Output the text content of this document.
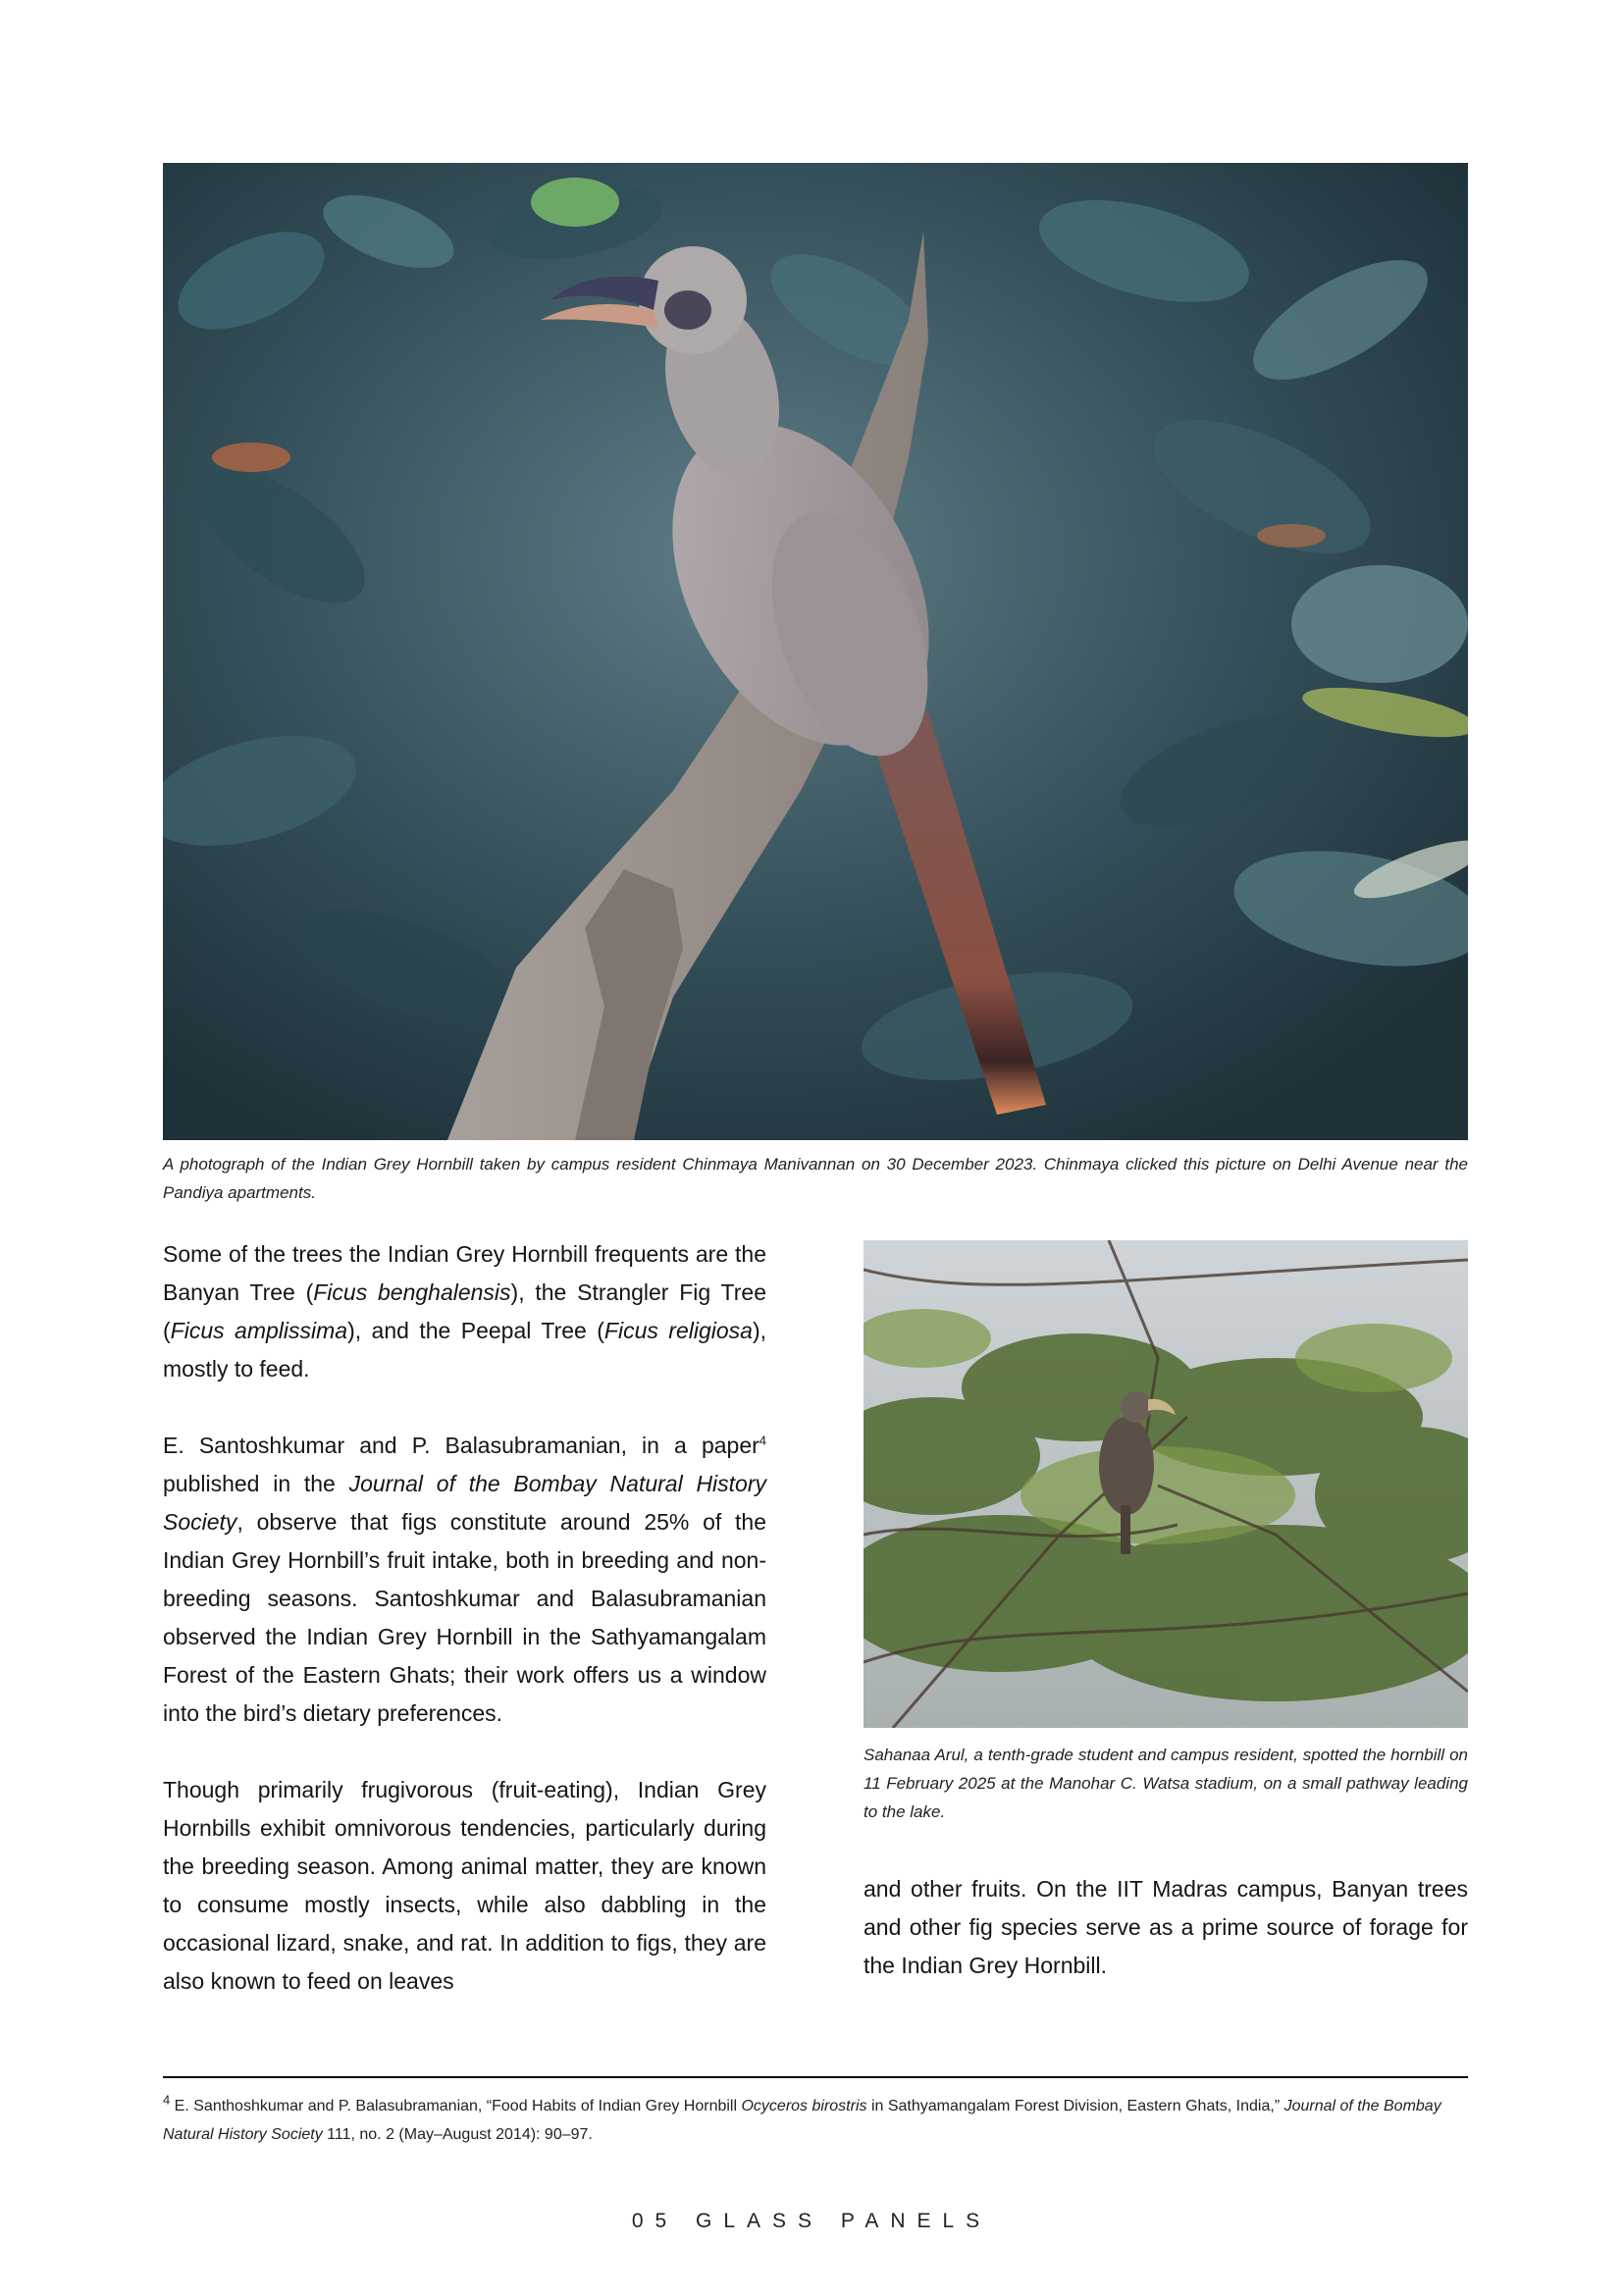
A photograph of the Indian Grey Hornbill taken by campus resident Chinmaya Manivannan on 30 December 2023. Chinmaya clicked this picture on Delhi Avenue near the Pandiya apartments.
Sahanaa Arul, a tenth-grade student and campus resident, spotted the hornbill on 11 February 2025 at the Manohar C. Watsa stadium, on a small pathway leading to the lake.

Some of the trees the Indian Grey Hornbill frequents are the Banyan Tree (Ficus benghalensis), the Strangler Fig Tree (Ficus amplissima), and the Peepal Tree (Ficus religiosa), mostly to feed.

E. Santoshkumar and P. Balasubramanian, in a paper$^4$ published in the Journal of the Bombay Natural History Society, observe that figs constitute around 25% of the Indian Grey Hornbill’s fruit intake, both in breeding and non-breeding seasons. Santoshkumar and Balasubramanian observed the Indian Grey Hornbill in the Sathyamangalam Forest of the Eastern Ghats; their work offers us a window into the bird’s dietary preferences.

Though primarily frugivorous (fruit-eating), Indian Grey Hornbills exhibit omnivorous tendencies, particularly during the breeding season. Among animal matter, they are known to consume mostly insects, while also dabbling in the occasional lizard, snake, and rat. In addition to figs, they are also known to feed on leaves

and other fruits. On the IIT Madras campus, Banyan trees and other fig species serve as a prime source of forage for the Indian Grey Hornbill.

$^4$ E. Santhoshkumar and P. Balasubramanian, “Food Habits of Indian Grey Hornbill Ocyceros birostris in Sathyamangalam Forest Division, Eastern Ghats, India,” Journal of the Bombay Natural History Society 111, no. 2 (May–August 2014): 90–97.
05 GLASS PANELS
